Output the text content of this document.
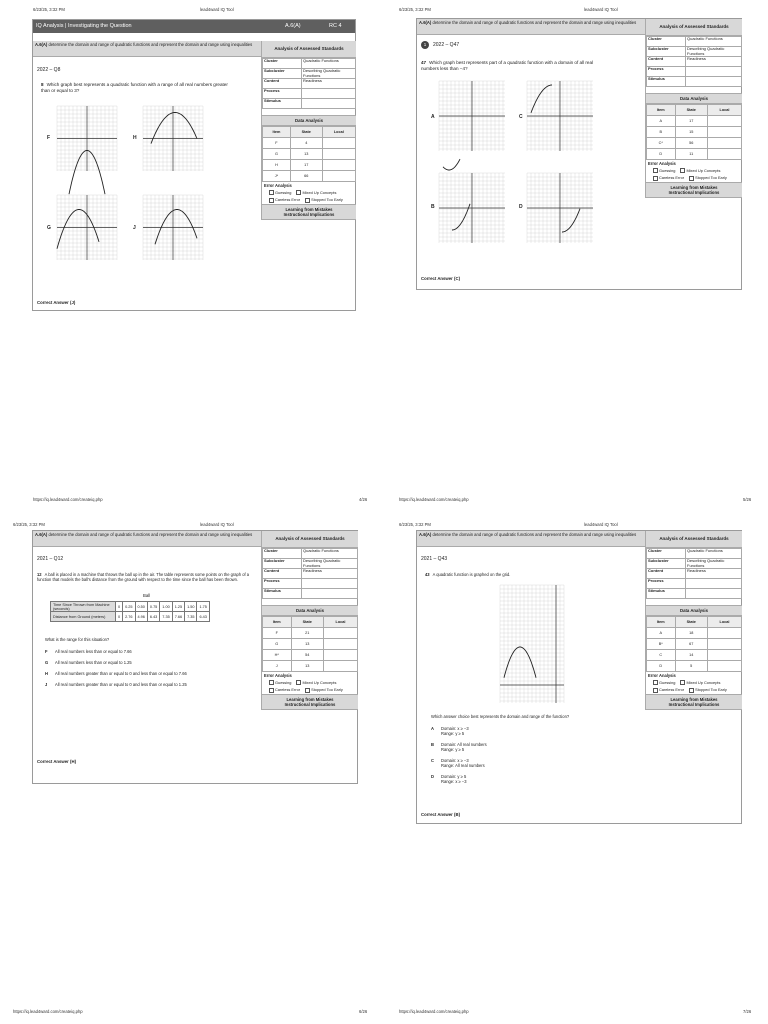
6/23/25, 3:32 PM	lead4ward IQ Tool
IQ Analysis | Investigating the Question	A.6(A)	RC 4
A.6(A) determine the domain and range of quadratic functions and represent the domain and range using inequalities
2022 – Q8
8 Which graph best represents a quadratic function with a range of all real numbers greater than or equal to 3?
F	H
G	J
Correct Answer (J)
Analysis of Assessed Standards
Cluster	Quadratic Functions
Subcluster	Describing Quadratic Functions
Content	Readiness
Process	
Stimulus	
Data Analysis
Item	State	Local
F	4	
G	13	
H	17	
J*	66	
Error Analysis
Guessing	Mixed Up Concepts
Careless Error	Stopped Too Early
Learning from Mistakes
Instructional Implications
https://iq.lead4ward.com/createiq.php	4/26
6/23/25, 3:32 PM	lead4ward IQ Tool
A.6(A) determine the domain and range of quadratic functions and represent the domain and range using inequalities
1 2022 – Q47
47 Which graph best represents part of a quadratic function with a domain of all real numbers less than −4?
A	C
B	D
Correct Answer (C)
Analysis of Assessed Standards
Cluster	Quadratic Functions
Subcluster	Describing Quadratic Functions
Content	Readiness
Process	
Stimulus	
Data Analysis
Item	State	Local
A	17	
B	15	
C*	56	
D	11	
Error Analysis
Guessing	Mixed Up Concepts
Careless Error	Stopped Too Early
Learning from Mistakes
Instructional Implications
https://iq.lead4ward.com/createiq.php	5/26
6/23/25, 3:32 PM	lead4ward IQ Tool
A.6(A) determine the domain and range of quadratic functions and represent the domain and range using inequalities
2021 – Q12
12 A ball is placed in a machine that throws the ball up in the air. The table represents some points on the graph of a function that models the ball's distance from the ground with respect to the time since the ball has been thrown.
Ball
Time Since Thrown from Machine (seconds)	0	0.25	0.50	0.75	1.00	1.25	1.50	1.75
Distance from Ground (meters)	0	2.76	4.96	6.43	7.35	7.66	7.35	6.43
What is the range for this situation?
F All real numbers less than or equal to 7.66
G All real numbers less than or equal to 1.25
H All real numbers greater than or equal to 0 and less than or equal to 7.66
J All real numbers greater than or equal to 0 and less than or equal to 1.25
Correct Answer (H)
Analysis of Assessed Standards
Cluster	Quadratic Functions
Subcluster	Describing Quadratic Functions
Content	Readiness
Process	
Stimulus	
Data Analysis
Item	State	Local
F	21	
G	13	
H*	54	
J	13	
Error Analysis
Guessing	Mixed Up Concepts
Careless Error	Stopped Too Early
Learning from Mistakes
Instructional Implications
https://iq.lead4ward.com/createiq.php	6/26
6/23/25, 3:32 PM	lead4ward IQ Tool
A.6(A) determine the domain and range of quadratic functions and represent the domain and range using inequalities
2021 – Q43
43 A quadratic function is graphed on the grid.
Which answer choice best represents the domain and range of the function?
A Domain: x ≥ −3
Range: y ≥ 5
B Domain: All real numbers
Range: y ≥ 5
C Domain: x ≥ −3
Range: All real numbers
D Domain: y ≥ 5
Range: x ≥ −3
Correct Answer (B)
Analysis of Assessed Standards
Cluster	Quadratic Functions
Subcluster	Describing Quadratic Functions
Content	Readiness
Process	
Stimulus	
Data Analysis
Item	State	Local
A	18	
B*	67	
C	14	
D	5	
Error Analysis
Guessing	Mixed Up Concepts
Careless Error	Stopped Too Early
Learning from Mistakes
Instructional Implications
https://iq.lead4ward.com/createiq.php	7/26
